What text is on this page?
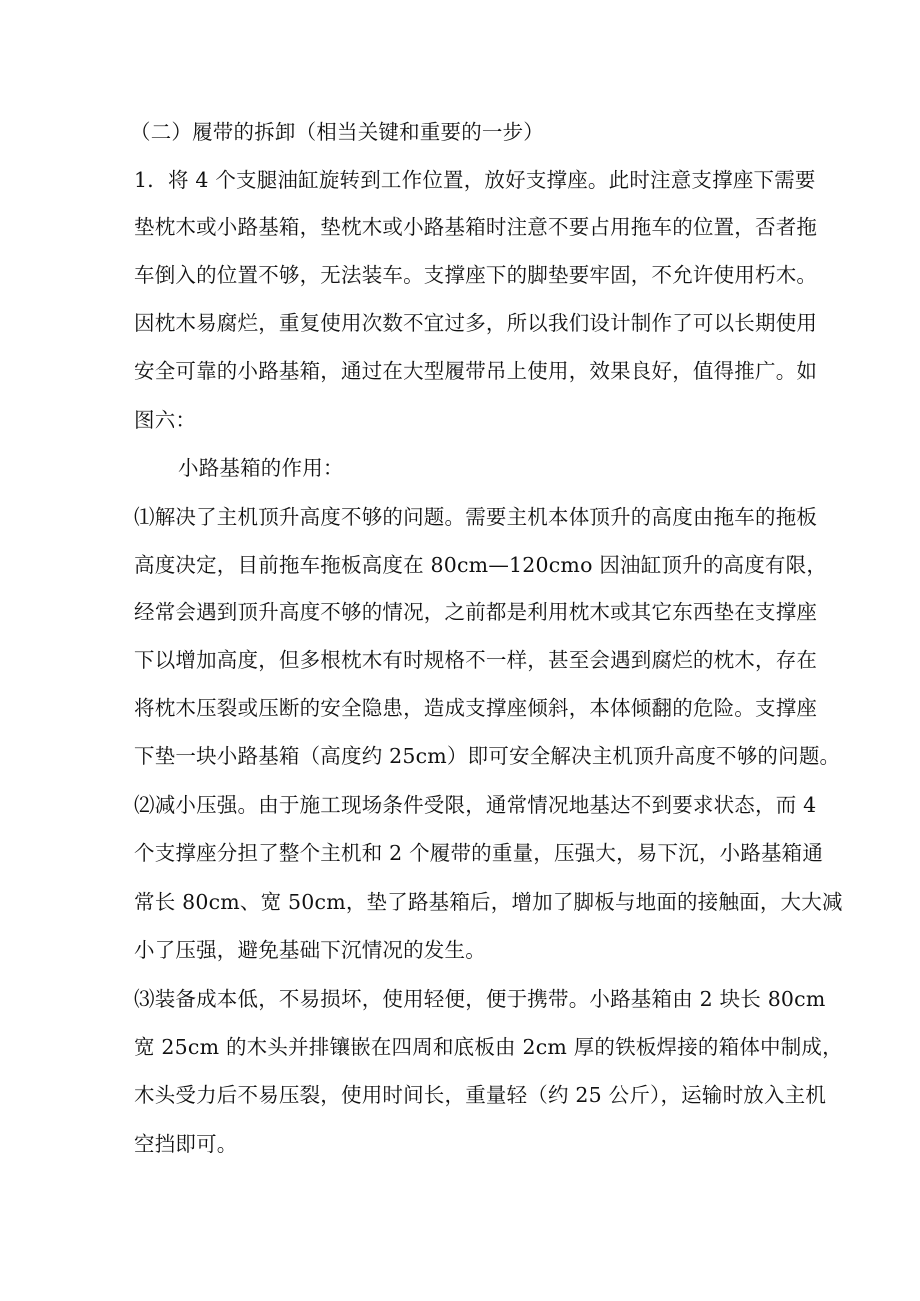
（二）履带的拆卸（相当关键和重要的一步）

1．将 4 个支腿油缸旋转到工作位置，放好支撑座。此时注意支撑座下需要

垫枕木或小路基箱，垫枕木或小路基箱时注意不要占用拖车的位置，否者拖

车倒入的位置不够，无法装车。支撑座下的脚垫要牢固，不允许使用朽木。

因枕木易腐烂，重复使用次数不宜过多，所以我们设计制作了可以长期使用

安全可靠的小路基箱，通过在大型履带吊上使用，效果良好，值得推广。如

图六：

小路基箱的作用：

⑴解决了主机顶升高度不够的问题。需要主机本体顶升的高度由拖车的拖板

高度决定，目前拖车拖板高度在 80cm—120cmo 因油缸顶升的高度有限，

经常会遇到顶升高度不够的情况，之前都是利用枕木或其它东西垫在支撑座

下以增加高度，但多根枕木有时规格不一样，甚至会遇到腐烂的枕木，存在

将枕木压裂或压断的安全隐患，造成支撑座倾斜，本体倾翻的危险。支撑座

下垫一块小路基箱（高度约 25cm）即可安全解决主机顶升高度不够的问题。

⑵减小压强。由于施工现场条件受限，通常情况地基达不到要求状态，而 4

个支撑座分担了整个主机和 2 个履带的重量，压强大，易下沉，小路基箱通

常长 80cm、宽 50cm，垫了路基箱后，增加了脚板与地面的接触面，大大减

小了压强，避免基础下沉情况的发生。

⑶装备成本低，不易损坏，使用轻便，便于携带。小路基箱由 2 块长 80cm

宽 25cm 的木头并排镶嵌在四周和底板由 2cm 厚的铁板焊接的箱体中制成，

木头受力后不易压裂，使用时间长，重量轻（约 25 公斤），运输时放入主机

空挡即可。
